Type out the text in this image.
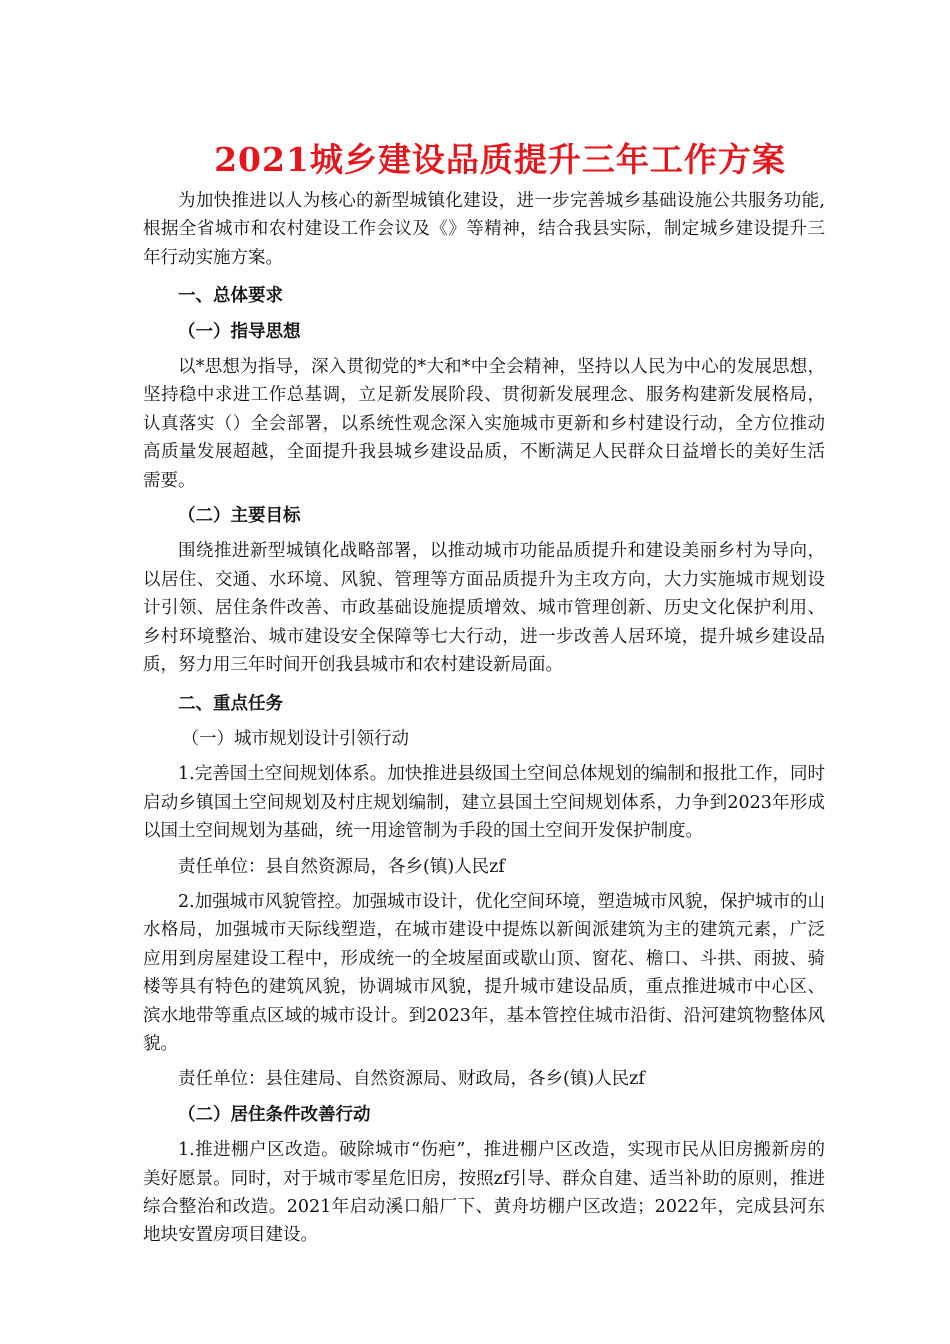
2021城乡建设品质提升三年工作方案

为加快推进以人为核心的新型城镇化建设，进一步完善城乡基础设施公共服务功能,根据全省城市和农村建设工作会议及《》等精神，结合我县实际，制定城乡建设提升三年行动实施方案。

一、总体要求
（一）指导思想

以*思想为指导，深入贯彻党的*大和*中全会精神，坚持以人民为中心的发展思想，坚持稳中求进工作总基调，立足新发展阶段、贯彻新发展理念、服务构建新发展格局，认真落实（）全会部署，以系统性观念深入实施城市更新和乡村建设行动，全方位推动高质量发展超越，全面提升我县城乡建设品质，不断满足人民群众日益增长的美好生活需要。

（二）主要目标

围绕推进新型城镇化战略部署，以推动城市功能品质提升和建设美丽乡村为导向，以居住、交通、水环境、风貌、管理等方面品质提升为主攻方向，大力实施城市规划设计引领、居住条件改善、市政基础设施提质增效、城市管理创新、历史文化保护利用、乡村环境整治、城市建设安全保障等七大行动，进一步改善人居环境，提升城乡建设品质，努力用三年时间开创我县城市和农村建设新局面。

二、重点任务

（一）城市规划设计引领行动

1.完善国土空间规划体系。加快推进县级国土空间总体规划的编制和报批工作，同时启动乡镇国土空间规划及村庄规划编制，建立县国土空间规划体系，力争到2023年形成以国土空间规划为基础，统一用途管制为手段的国土空间开发保护制度。

责任单位：县自然资源局，各乡(镇)人民zf

2.加强城市风貌管控。加强城市设计，优化空间环境，塑造城市风貌，保护城市的山水格局，加强城市天际线塑造，在城市建设中提炼以新闽派建筑为主的建筑元素，广泛应用到房屋建设工程中，形成统一的全坡屋面或歇山顶、窗花、檐口、斗拱、雨披、骑楼等具有特色的建筑风貌，协调城市风貌，提升城市建设品质，重点推进城市中心区、滨水地带等重点区域的城市设计。到2023年，基本管控住城市沿街、沿河建筑物整体风貌。

责任单位：县住建局、自然资源局、财政局，各乡(镇)人民zf

（二）居住条件改善行动

1.推进棚户区改造。破除城市“伤疤”，推进棚户区改造，实现市民从旧房搬新房的美好愿景。同时，对于城市零星危旧房，按照zf引导、群众自建、适当补助的原则，推进综合整治和改造。2021年启动溪口船厂下、黄舟坊棚户区改造；2022年，完成县河东地块安置房项目建设。
